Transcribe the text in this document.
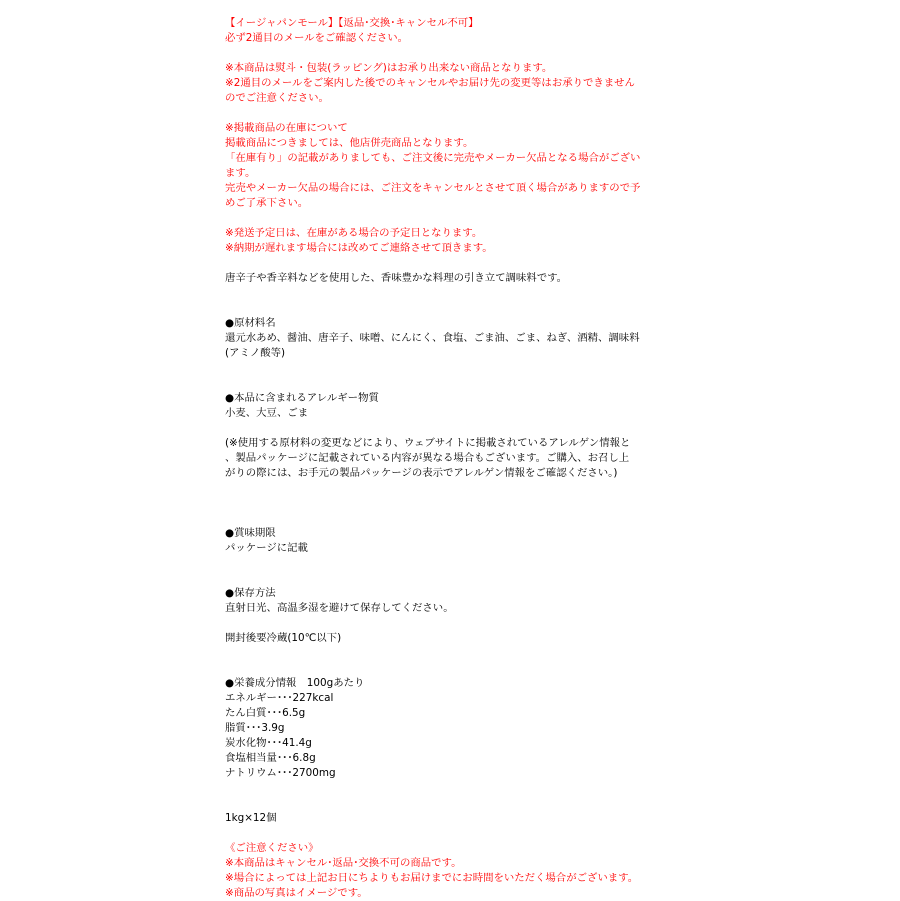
【イージャパンモール】【返品･交換･キャンセル不可】
必ず2通目のメールをご確認ください。
※本商品は熨斗・包装(ラッピング)はお承り出来ない商品となります。
※2通目のメールをご案内した後でのキャンセルやお届け先の変更等はお承りできません
のでご注意ください。
※掲載商品の在庫について
掲載商品につきましては、他店併売商品となります。
「在庫有り」の記載がありましても、ご注文後に完売やメーカー欠品となる場合がござい
ます。
完売やメーカー欠品の場合には、ご注文をキャンセルとさせて頂く場合がありますので予
めご了承下さい。
※発送予定日は、在庫がある場合の予定日となります。
※納期が遅れます場合には改めてご連絡させて頂きます。
唐辛子や香辛料などを使用した、香味豊かな料理の引き立て調味料です。
●原材料名
還元水あめ、醤油、唐辛子、味噌、にんにく、食塩、ごま油、ごま、ねぎ、酒精、調味料
(アミノ酸等)
●本品に含まれるアレルギー物質
小麦、大豆、ごま
(※使用する原材料の変更などにより、ウェブサイトに掲載されているアレルゲン情報と
、製品パッケージに記載されている内容が異なる場合もございます。ご購入、お召し上
がりの際には、お手元の製品パッケージの表示でアレルゲン情報をご確認ください。)
●賞味期限
パッケージに記載
●保存方法
直射日光、高温多湿を避けて保存してください。
開封後要冷蔵(10℃以下)
●栄養成分情報　100gあたり
エネルギー･･･227kcal
たん白質･･･6.5g
脂質･･･3.9g
炭水化物･･･41.4g
食塩相当量･･･6.8g
ナトリウム･･･2700mg
1kg×12個
《ご注意ください》
※本商品はキャンセル･返品･交換不可の商品です。
※場合によっては上記お日にちよりもお届けまでにお時間をいただく場合がございます。
※商品の写真はイメージです。
